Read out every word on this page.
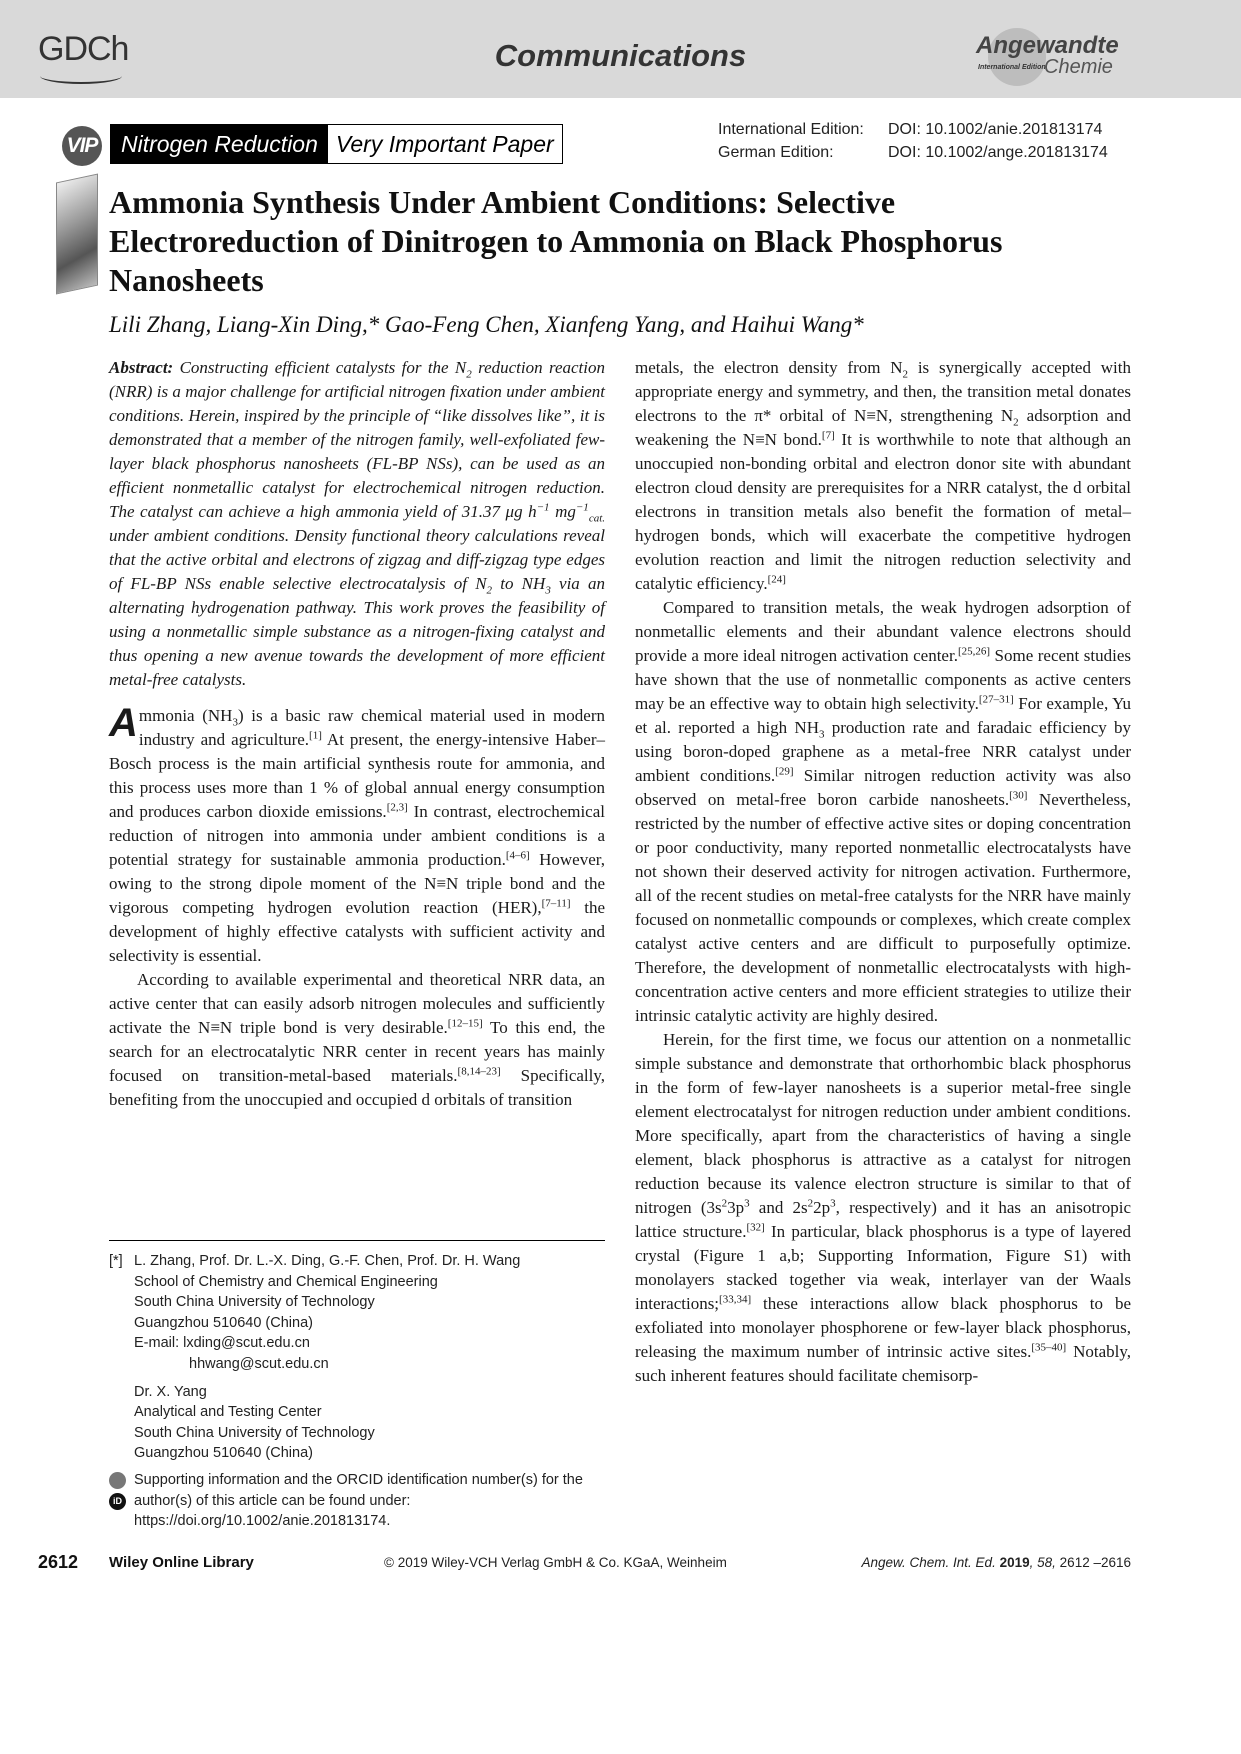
GDCh	Communications	Angewandte
International Edition
Chemie
VIP	Nitrogen Reduction Very Important Paper
International Edition:	DOI: 10.1002/anie.201813174
German Edition:	DOI: 10.1002/ange.201813174
Ammonia Synthesis Under Ambient Conditions: Selective Electroreduction of Dinitrogen to Ammonia on Black Phosphorus Nanosheets
Lili Zhang, Liang-Xin Ding,* Gao-Feng Chen, Xianfeng Yang, and Haihui Wang*

Abstract: Constructing efficient catalysts for the $N_2$ reduction reaction (NRR) is a major challenge for artificial nitrogen fixation under ambient conditions. Herein, inspired by the principle of “like dissolves like”, it is demonstrated that a member of the nitrogen family, well-exfoliated few-layer black phosphorus nanosheets (FL-BP NSs), can be used as an efficient nonmetallic catalyst for electrochemical nitrogen reduction. The catalyst can achieve a high ammonia yield of 31.37 μg $h^{-1}$ $mg^{-1}_{cat.}$ under ambient conditions. Density functional theory calculations reveal that the active orbital and electrons of zigzag and diff-zigzag type edges of FL-BP NSs enable selective electrocatalysis of $N_2$ to $NH_3$ via an alternating hydrogenation pathway. This work proves the feasibility of using a nonmetallic simple substance as a nitrogen-fixing catalyst and thus opening a new avenue towards the development of more efficient metal-free catalysts.

Ammonia $(NH_3)$ is a basic raw chemical material used in modern industry and agriculture.[1] At present, the energy-intensive Haber–Bosch process is the main artificial synthesis route for ammonia, and this process uses more than 1 % of global annual energy consumption and produces carbon dioxide emissions.[2,3] In contrast, electrochemical reduction of nitrogen into ammonia under ambient conditions is a potential strategy for sustainable ammonia production.[4–6] However, owing to the strong dipole moment of the N≡N triple bond and the vigorous competing hydrogen evolution reaction (HER),[7–11] the development of highly effective catalysts with sufficient activity and selectivity is essential.

According to available experimental and theoretical NRR data, an active center that can easily adsorb nitrogen molecules and sufficiently activate the N≡N triple bond is very desirable.[12–15] To this end, the search for an electrocatalytic NRR center in recent years has mainly focused on transition-metal-based materials.[8,14–23] Specifically, benefiting from the unoccupied and occupied d orbitals of transition

[*] L. Zhang, Prof. Dr. L.-X. Ding, G.-F. Chen, Prof. Dr. H. Wang
School of Chemistry and Chemical Engineering
South China University of Technology
Guangzhou 510640 (China)
E-mail: lxding@scut.edu.cn
hhwang@scut.edu.cn
Dr. X. Yang
Analytical and Testing Center
South China University of Technology
Guangzhou 510640 (China)
iD
Supporting information and the ORCID identification number(s) for the author(s) of this article can be found under: https://doi.org/10.1002/anie.201813174.

metals, the electron density from $N_2$ is synergically accepted with appropriate energy and symmetry, and then, the transition metal donates electrons to the π* orbital of N≡N, strengthening $N_2$ adsorption and weakening the N≡N bond.[7] It is worthwhile to note that although an unoccupied non-bonding orbital and electron donor site with abundant electron cloud density are prerequisites for a NRR catalyst, the d orbital electrons in transition metals also benefit the formation of metal–hydrogen bonds, which will exacerbate the competitive hydrogen evolution reaction and limit the nitrogen reduction selectivity and catalytic efficiency.[24]

Compared to transition metals, the weak hydrogen adsorption of nonmetallic elements and their abundant valence electrons should provide a more ideal nitrogen activation center.[25,26] Some recent studies have shown that the use of nonmetallic components as active centers may be an effective way to obtain high selectivity.[27–31] For example, Yu et al. reported a high $NH_3$ production rate and faradaic efficiency by using boron-doped graphene as a metal-free NRR catalyst under ambient conditions.[29] Similar nitrogen reduction activity was also observed on metal-free boron carbide nanosheets.[30] Nevertheless, restricted by the number of effective active sites or doping concentration or poor conductivity, many reported nonmetallic electrocatalysts have not shown their deserved activity for nitrogen activation. Furthermore, all of the recent studies on metal-free catalysts for the NRR have mainly focused on nonmetallic compounds or complexes, which create complex catalyst active centers and are difficult to purposefully optimize. Therefore, the development of nonmetallic electrocatalysts with high-concentration active centers and more efficient strategies to utilize their intrinsic catalytic activity are highly desired.

Herein, for the first time, we focus our attention on a nonmetallic simple substance and demonstrate that orthorhombic black phosphorus in the form of few-layer nanosheets is a superior metal-free single element electrocatalyst for nitrogen reduction under ambient conditions. More specifically, apart from the characteristics of having a single element, black phosphorus is attractive as a catalyst for nitrogen reduction because its valence electron structure is similar to that of nitrogen ($3s^23p^3$ and $2s^22p^3$, respectively) and it has an anisotropic lattice structure.[32] In particular, black phosphorus is a type of layered crystal (Figure 1 a,b; Supporting Information, Figure S1) with monolayers stacked together via weak, interlayer van der Waals interactions;[33,34] these interactions allow black phosphorus to be exfoliated into monolayer phosphorene or few-layer black phosphorus, releasing the maximum number of intrinsic active sites.[35–40] Notably, such inherent features should facilitate chemisorp-

2612 Wiley Online Library	© 2019 Wiley-VCH Verlag GmbH & Co. KGaA, Weinheim	Angew. Chem. Int. Ed. 2019, 58, 2612 –2616
